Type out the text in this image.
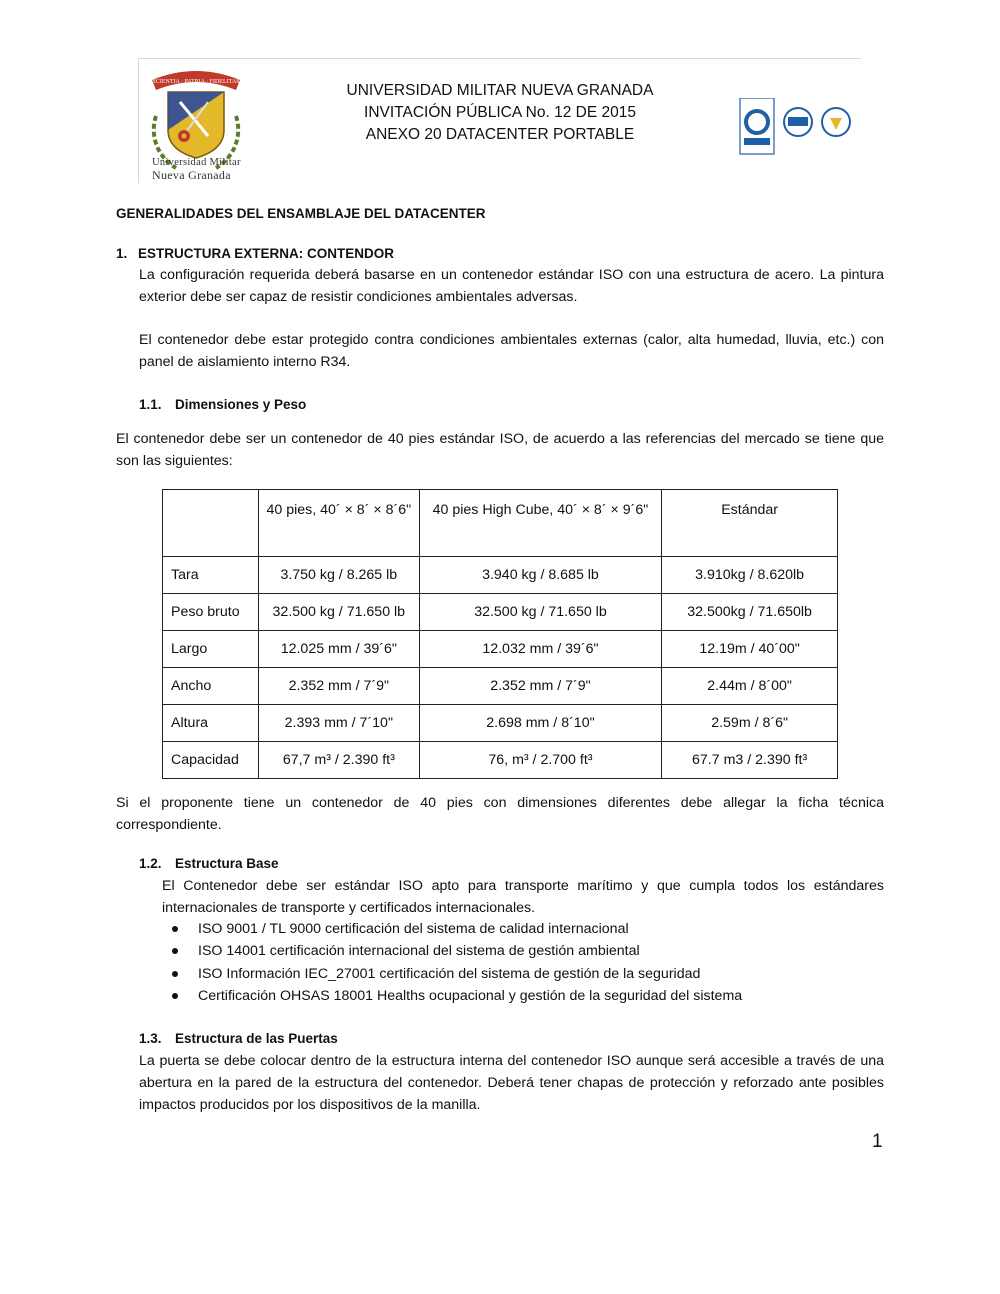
SCIENTIA · PATRIA · FIDELITAS
Universidad Militar
Nueva Granada
UNIVERSIDAD MILITAR NUEVA GRANADA
INVITACIÓN PÚBLICA No. 12 DE 2015
ANEXO 20 DATACENTER PORTABLE
GENERALIDADES DEL ENSAMBLAJE DEL DATACENTER
1. ESTRUCTURA EXTERNA: CONTENDOR
La configuración requerida deberá basarse en un contenedor estándar ISO con una estructura de acero. La pintura exterior debe ser capaz de resistir condiciones ambientales adversas.
El contenedor debe estar protegido contra condiciones ambientales externas (calor, alta humedad, lluvia, etc.) con panel de aislamiento interno R34.
1.1. Dimensiones y Peso
El contenedor debe ser un contenedor de 40 pies estándar ISO, de acuerdo a las referencias del mercado se tiene que son las siguientes:
	40 pies, 40´ × 8´ × 8´6"	40 pies High Cube, 40´ × 8´ × 9´6"	Estándar
Tara	3.750 kg / 8.265 lb	3.940 kg / 8.685 lb	3.910kg / 8.620lb
Peso bruto	32.500 kg / 71.650 lb	32.500 kg / 71.650 lb	32.500kg / 71.650lb
Largo	12.025 mm / 39´6"	12.032 mm / 39´6"	12.19m / 40´00"
Ancho	2.352 mm / 7´9"	2.352 mm / 7´9"	2.44m / 8´00"
Altura	2.393 mm / 7´10"	2.698 mm / 8´10"	2.59m / 8´6"
Capacidad	67,7 m³ / 2.390 ft³	76, m³ / 2.700 ft³	67.7 m3 / 2.390 ft³
Si el proponente tiene un contenedor de 40 pies con dimensiones diferentes debe allegar la ficha técnica correspondiente.
1.2. Estructura Base
El Contenedor debe ser estándar ISO apto para transporte marítimo y que cumpla todos los estándares internacionales de transporte y certificados internacionales.
ISO 9001 / TL 9000 certificación del sistema de calidad internacional
ISO 14001 certificación internacional del sistema de gestión ambiental
ISO Información IEC_27001 certificación del sistema de gestión de la seguridad
Certificación OHSAS 18001 Healths ocupacional y gestión de la seguridad del sistema
1.3. Estructura de las Puertas
La puerta se debe colocar dentro de la estructura interna del contenedor ISO aunque será accesible a través de una abertura en la pared de la estructura del contenedor. Deberá tener chapas de protección y reforzado ante posibles impactos producidos por los dispositivos de la manilla.
1
